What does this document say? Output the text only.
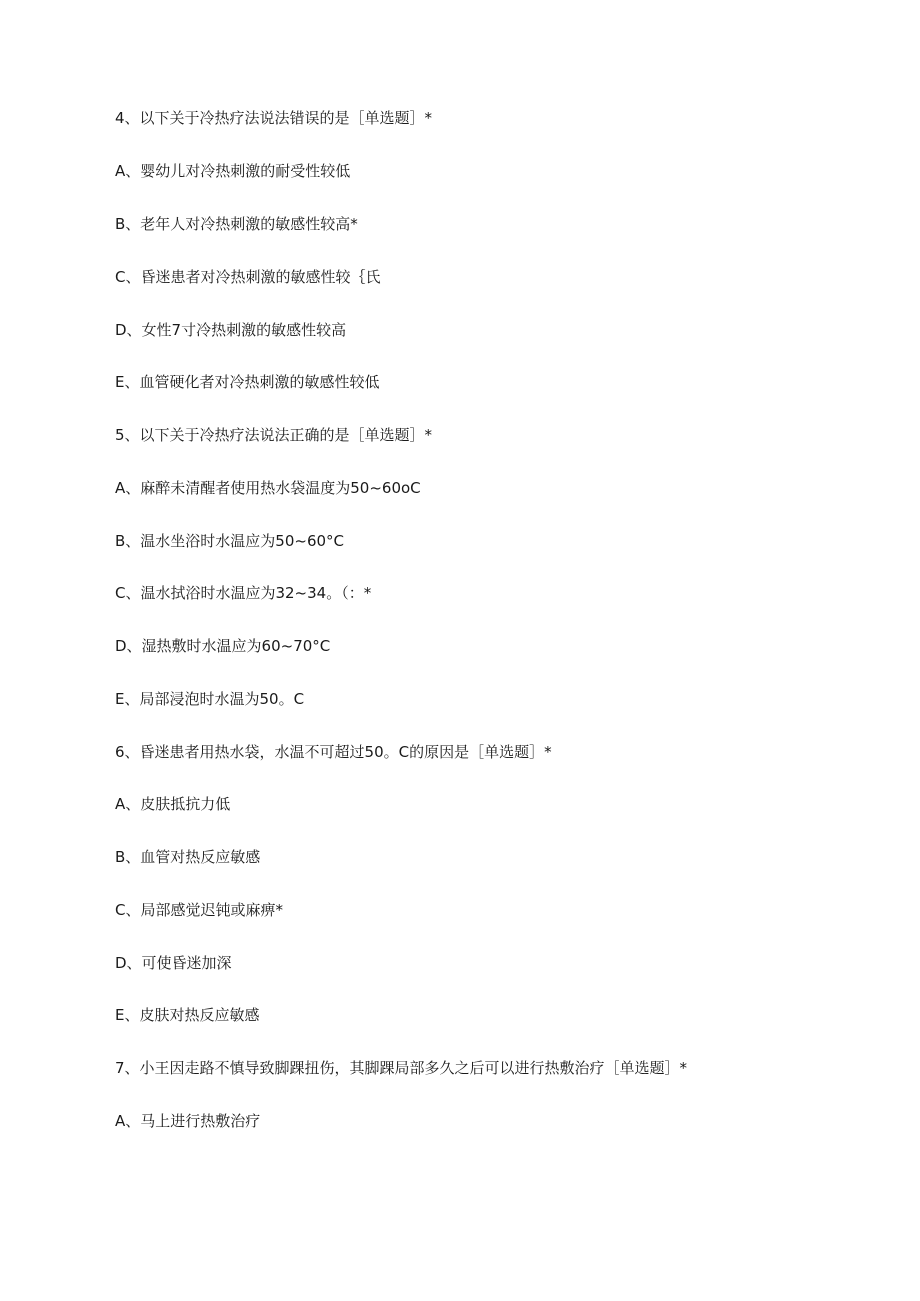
4、以下关于冷热疗法说法错误的是［单选题］*
A、婴幼儿对冷热刺激的耐受性较低
B、老年人对冷热刺激的敏感性较高*
C、昏迷患者对冷热刺激的敏感性较｛氏
D、女性7寸冷热刺激的敏感性较高
E、血管硬化者对冷热刺激的敏感性较低
5、以下关于冷热疗法说法正确的是［单选题］*
A、麻醉未清醒者使用热水袋温度为50~60oC
B、温水坐浴时水温应为50~60°C
C、温水拭浴时水温应为32~34。（：*
D、湿热敷时水温应为60~70°C
E、局部浸泡时水温为50。C
6、昏迷患者用热水袋，水温不可超过50。C的原因是［单选题］*
A、皮肤抵抗力低
B、血管对热反应敏感
C、局部感觉迟钝或麻痹*
D、可使昏迷加深
E、皮肤对热反应敏感
7、小王因走路不慎导致脚踝扭伤，其脚踝局部多久之后可以进行热敷治疗［单选题］*
A、马上进行热敷治疗
